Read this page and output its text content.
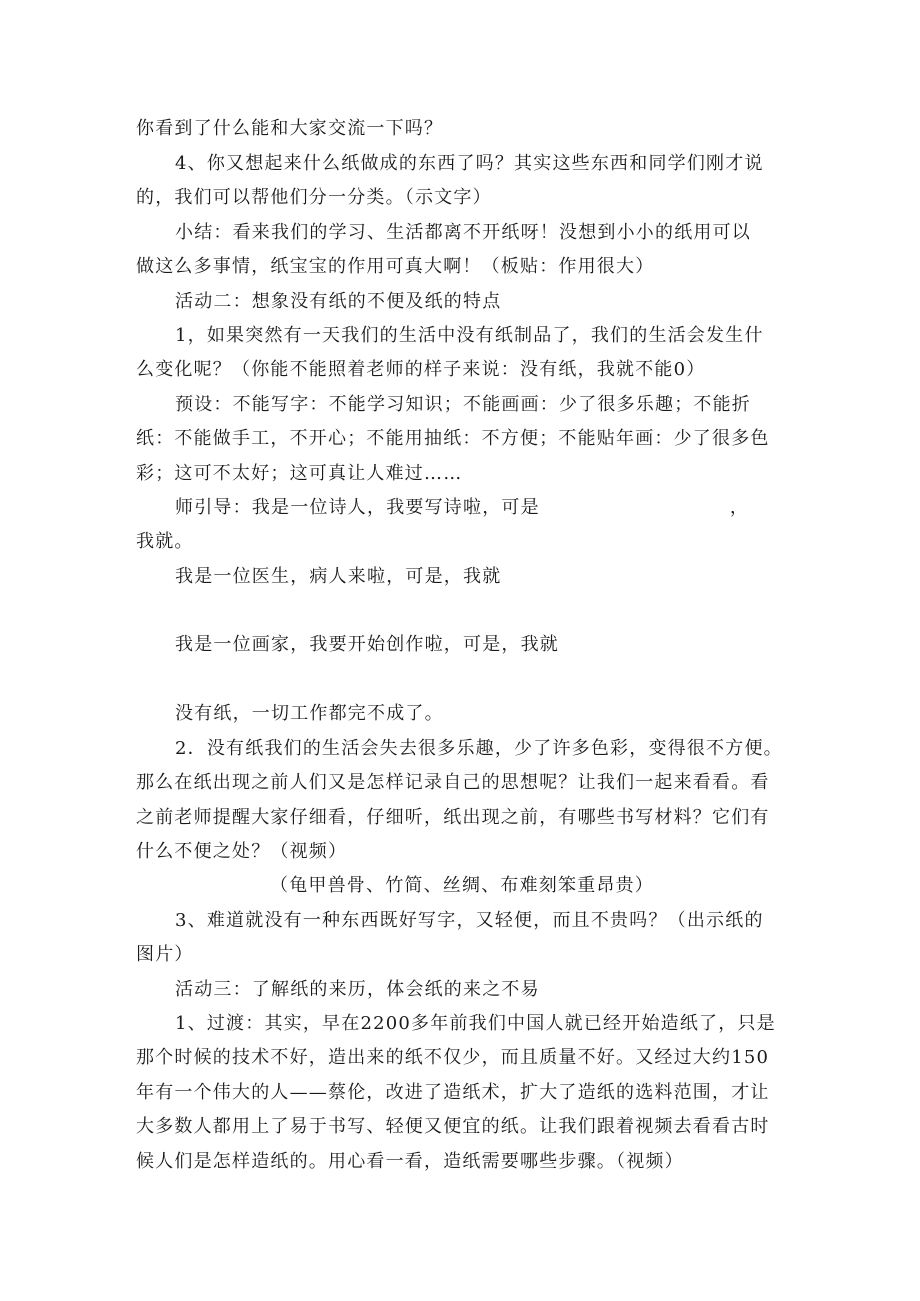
你看到了什么能和大家交流一下吗？
4、你又想起来什么纸做成的东西了吗？其实这些东西和同学们刚才说
的，我们可以帮他们分一分类。（示文字）
小结：看来我们的学习、生活都离不开纸呀！没想到小小的纸用可以
做这么多事情，纸宝宝的作用可真大啊！（板贴：作用很大）
活动二：想象没有纸的不便及纸的特点
1，如果突然有一天我们的生活中没有纸制品了，我们的生活会发生什
么变化呢？（你能不能照着老师的样子来说：没有纸，我就不能0）
预设：不能写字：不能学习知识；不能画画：少了很多乐趣；不能折
纸：不能做手工，不开心；不能用抽纸：不方便；不能贴年画：少了很多色
彩；这可不太好；这可真让人难过……
师引导：我是一位诗人，我要写诗啦，可是	，
我就。
我是一位医生，病人来啦，可是，我就
我是一位画家，我要开始创作啦，可是，我就
没有纸，一切工作都完不成了。
2．没有纸我们的生活会失去很多乐趣，少了许多色彩，变得很不方便。
那么在纸出现之前人们又是怎样记录自己的思想呢？让我们一起来看看。看
之前老师提醒大家仔细看，仔细听，纸出现之前，有哪些书写材料？它们有
什么不便之处？（视频）
（龟甲兽骨、竹简、丝绸、布难刻笨重昂贵）
3、难道就没有一种东西既好写字，又轻便，而且不贵吗？（出示纸的
图片）
活动三：了解纸的来历，体会纸的来之不易
1、过渡：其实，早在2200多年前我们中国人就已经开始造纸了，只是
那个时候的技术不好，造出来的纸不仅少，而且质量不好。又经过大约150
年有一个伟大的人——蔡伦，改进了造纸术，扩大了造纸的选料范围，才让
大多数人都用上了易于书写、轻便又便宜的纸。让我们跟着视频去看看古时
候人们是怎样造纸的。用心看一看，造纸需要哪些步骤。（视频）
